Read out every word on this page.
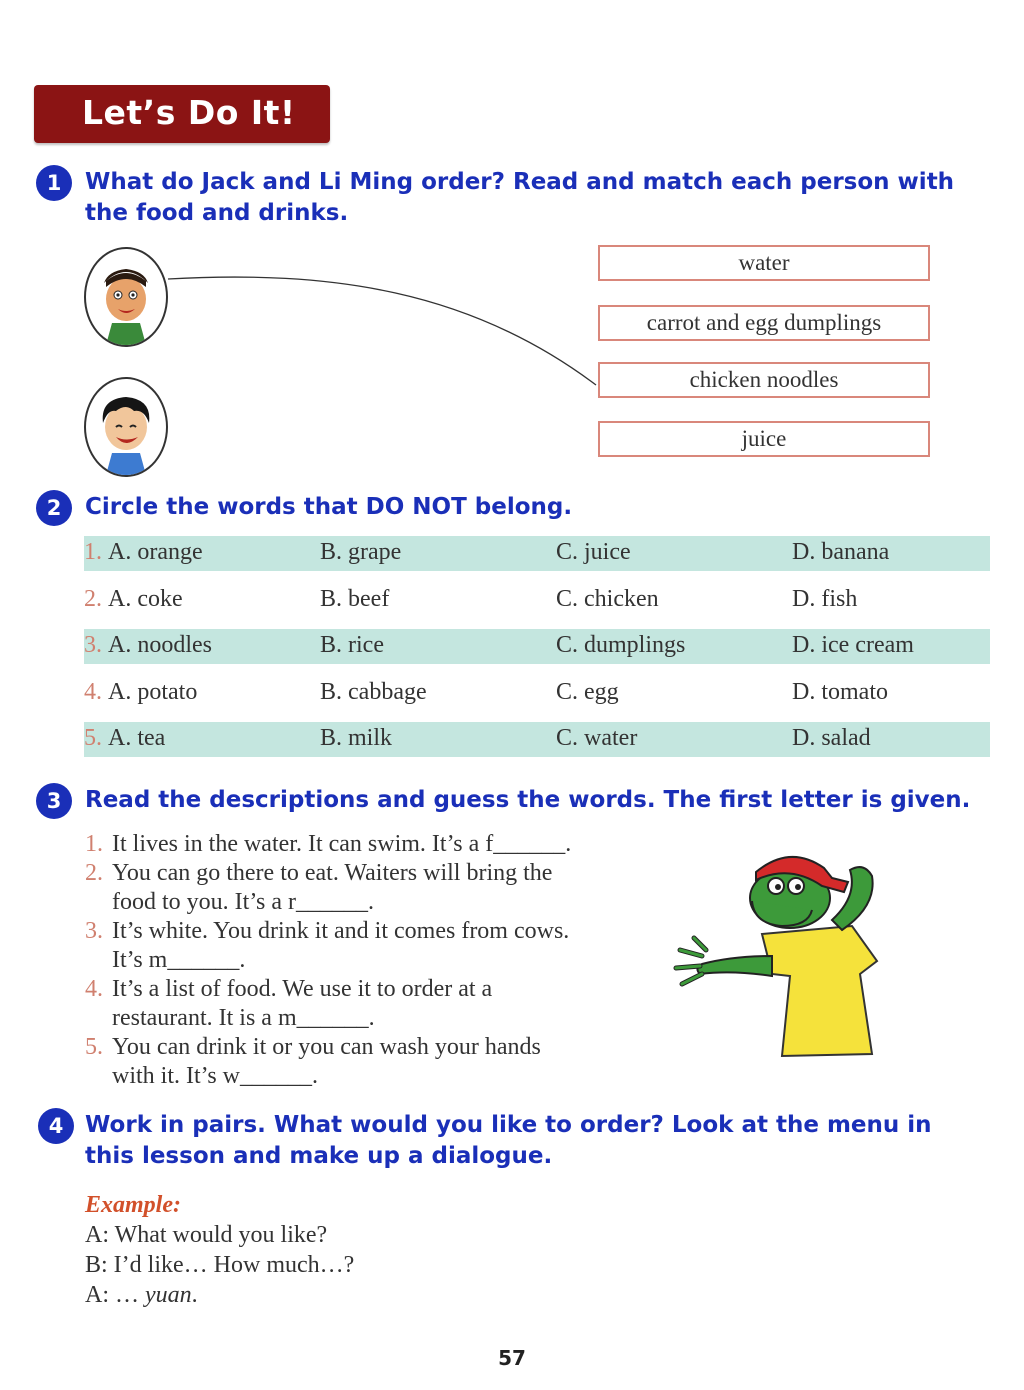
Let’s Do It!
1	What do Jack and Li Ming order? Read and match each person with
the food and drinks.
water
carrot and egg dumplings
chicken noodles
juice
2	Circle the words that DO NOT belong.
1. A. orange	B. grape	C. juice	D. banana
2. A. coke	B. beef	C. chicken	D. fish
3. A. noodles	B. rice	C. dumplings	D. ice cream
4. A. potato	B. cabbage	C. egg	D. tomato
5. A. tea	B. milk	C. water	D. salad
3	Read the descriptions and guess the words. The first letter is given.
1. It lives in the water. It can swim. It’s a f______.
2. You can go there to eat. Waiters will bring the
food to you. It’s a r______.
3. It’s white. You drink it and it comes from cows.
It’s m______.
4. It’s a list of food. We use it to order at a
restaurant. It is a m______.
5. You can drink it or you can wash your hands
with it. It’s w______.
4 Work in pairs. What would you like to order? Look at the menu in
this lesson and make up a dialogue.
Example:
A: What would you like?
B: I’d like… How much…?
A: … yuan.
57
